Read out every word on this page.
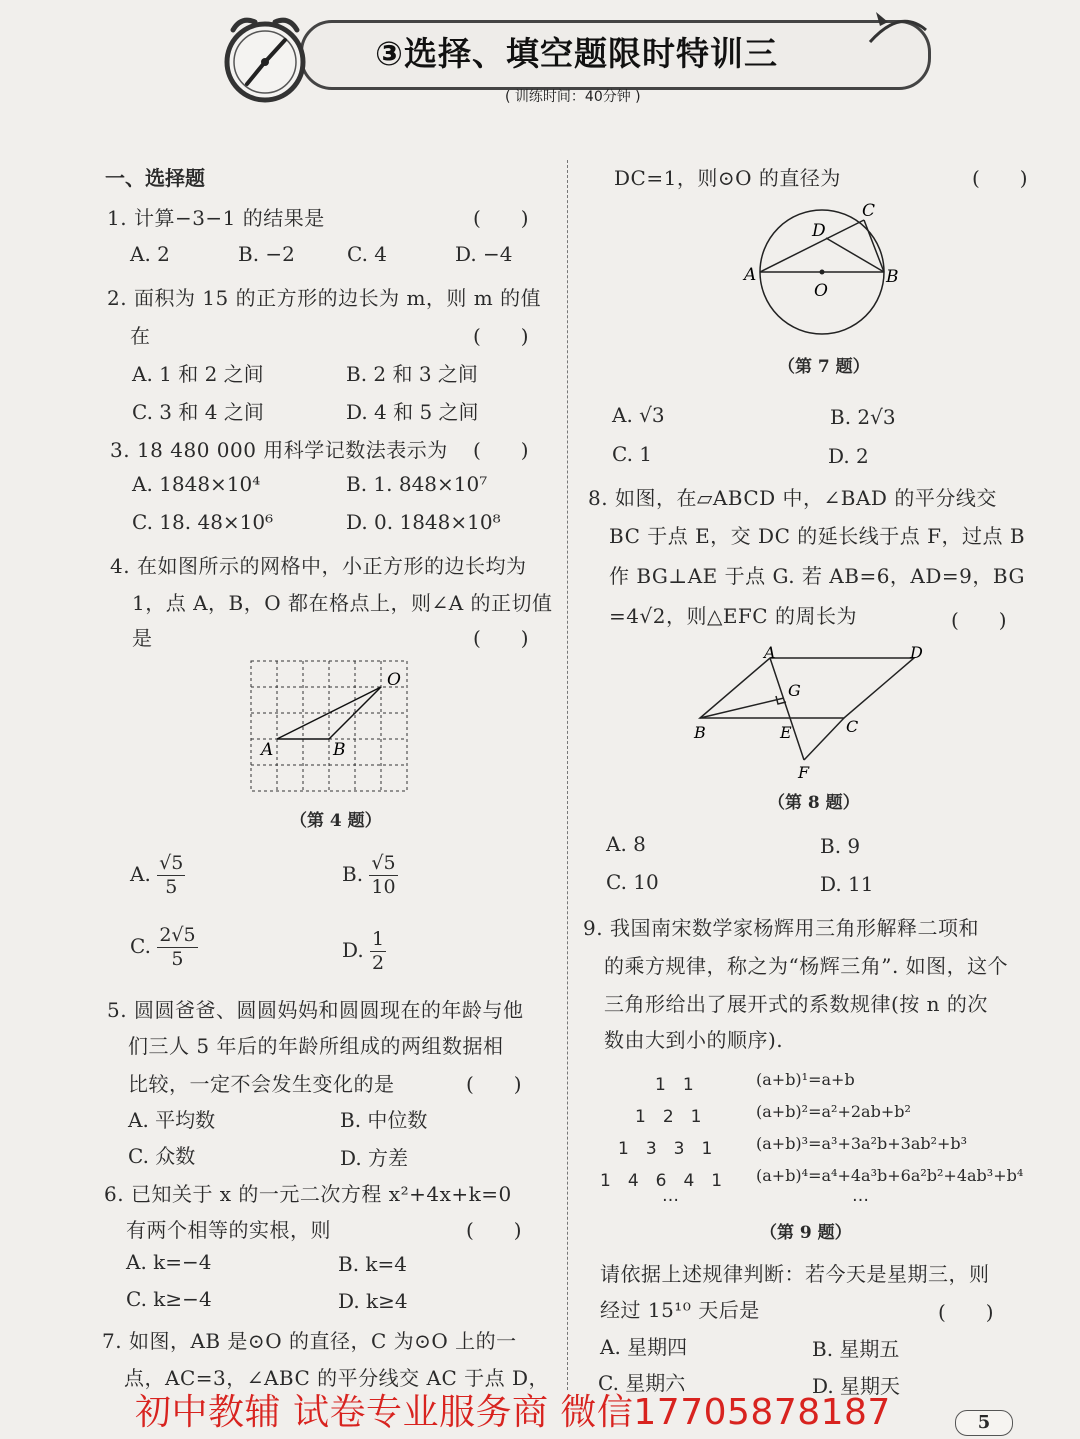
③选择、填空题限时特训三
( 训练时间：40分钟 )
一、选择题
1. 计算−3−1 的结果是	(　　)
A. 2	B. −2	C. 4	D. −4
2. 面积为 15 的正方形的边长为 m，则 m 的值
在	(　　)
A. 1 和 2 之间	B. 2 和 3 之间
C. 3 和 4 之间	D. 4 和 5 之间
3. 18 480 000 用科学记数法表示为 (　　)
A. 1848×10⁴	B. 1. 848×10⁷
C. 18. 48×10⁶	D. 0. 1848×10⁸
4. 在如图所示的网格中，小正方形的边长均为
1，点 A，B，O 都在格点上，则∠A 的正切值
是	(　　)
O
A	B
（第 4 题）
A. $\frac{√5}{5}$	B. $\frac{√5}{10}$
C. $\frac{2√5}{5}$	D. $\frac{1}{2}$
5. 圆圆爸爸、圆圆妈妈和圆圆现在的年龄与他
们三人 5 年后的年龄所组成的两组数据相
比较，一定不会发生变化的是	(　　)
A. 平均数	B. 中位数
C. 众数	D. 方差
6. 已知关于 x 的一元二次方程 x²+4x+k=0
有两个相等的实根，则	(　　)
A. k=−4	B. k=4
C. k≥−4	D. k≥4
7. 如图，AB 是⊙O 的直径，C 为⊙O 上的一
点，AC=3，∠ABC 的平分线交 AC 于点 D，
DC=1，则⊙O 的直径为	(　　)
A	B
C
D
O
（第 7 题）
A. √3	B. 2√3
C. 1	D. 2
8. 如图，在▱ABCD 中，∠BAD 的平分线交
BC 于点 E，交 DC 的延长线于点 F，过点 B
作 BG⊥AE 于点 G. 若 AB=6，AD=9，BG
=4√2，则△EFC 的周长为	(　　)
A	D
B	C
E
F
G
（第 8 题）
A. 8	B. 9
C. 10	D. 11
9. 我国南宋数学家杨辉用三角形解释二项和
的乘方规律，称之为“杨辉三角”. 如图，这个
三角形给出了展开式的系数规律(按 n 的次
数由大到小的顺序).
1　1
1　2　1
1　3　3　1
1　4　6　4　1
…
(a+b)¹=a+b
(a+b)²=a²+2ab+b²
(a+b)³=a³+3a²b+3ab²+b³
(a+b)⁴=a⁴+4a³b+6a²b²+4ab³+b⁴
…
（第 9 题）
请依据上述规律判断：若今天是星期三，则
经过 15¹⁰ 天后是	(　　)
A. 星期四	B. 星期五
C. 星期六	D. 星期天
初中教辅 试卷专业服务商 微信17705878187	5
